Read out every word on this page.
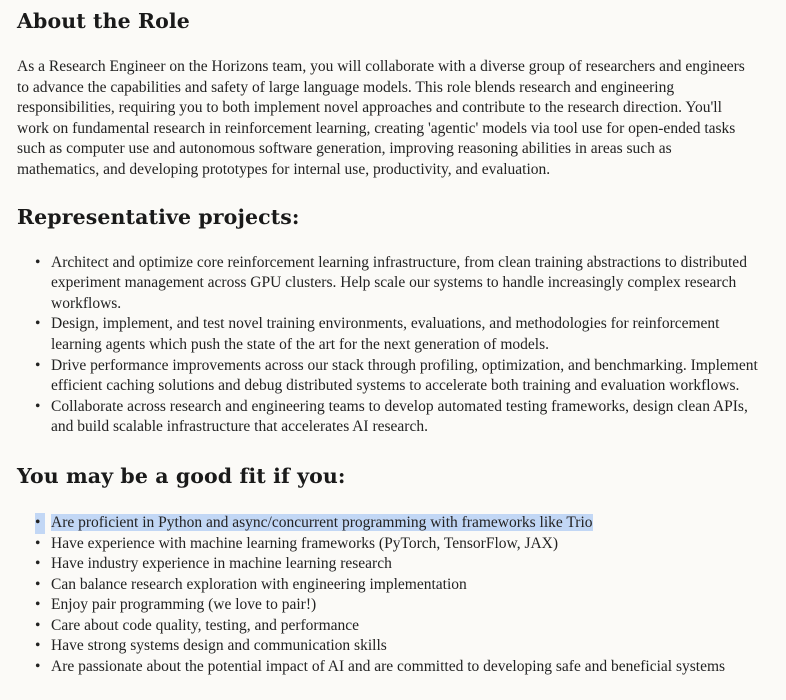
About the Role

As a Research Engineer on the Horizons team, you will collaborate with a diverse group of researchers and engineers to advance the capabilities and safety of large language models. This role blends research and engineering responsibilities, requiring you to both implement novel approaches and contribute to the research direction. You'll work on fundamental research in reinforcement learning, creating 'agentic' models via tool use for open-ended tasks such as computer use and autonomous software generation, improving reasoning abilities in areas such as mathematics, and developing prototypes for internal use, productivity, and evaluation.

Representative projects:
• Architect and optimize core reinforcement learning infrastructure, from clean training abstractions to distributed experiment management across GPU clusters. Help scale our systems to handle increasingly complex research workflows.
• Design, implement, and test novel training environments, evaluations, and methodologies for reinforcement learning agents which push the state of the art for the next generation of models.
• Drive performance improvements across our stack through profiling, optimization, and benchmarking. Implement efficient caching solutions and debug distributed systems to accelerate both training and evaluation workflows.
• Collaborate across research and engineering teams to develop automated testing frameworks, design clean APIs, and build scalable infrastructure that accelerates AI research.
You may be a good fit if you:
• Are proficient in Python and async/concurrent programming with frameworks like Trio
• Have experience with machine learning frameworks (PyTorch, TensorFlow, JAX)
• Have industry experience in machine learning research
• Can balance research exploration with engineering implementation
• Enjoy pair programming (we love to pair!)
• Care about code quality, testing, and performance
• Have strong systems design and communication skills
• Are passionate about the potential impact of AI and are committed to developing safe and beneficial systems
